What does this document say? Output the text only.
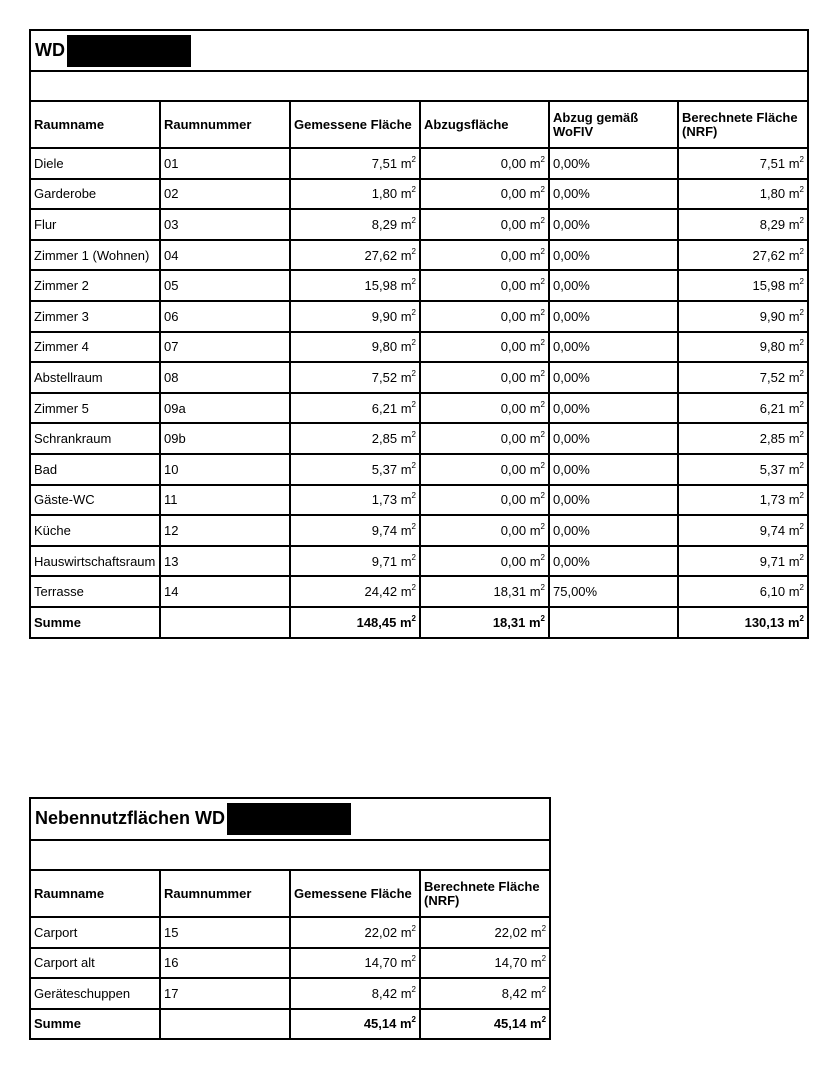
WD					

Raumname	Raumnummer	Gemessene Fläche	Abzugsfläche	Abzug gemäß WoFIV	Berechnete Fläche (NRF)
Diele	01	7,51 $m^2$	0,00 $m^2$	0,00%	7,51 $m^2$
Garderobe	02	1,80 $m^2$	0,00 $m^2$	0,00%	1,80 $m^2$
Flur	03	8,29 $m^2$	0,00 $m^2$	0,00%	8,29 $m^2$
Zimmer 1 (Wohnen)	04	27,62 $m^2$	0,00 $m^2$	0,00%	27,62 $m^2$
Zimmer 2	05	15,98 $m^2$	0,00 $m^2$	0,00%	15,98 $m^2$
Zimmer 3	06	9,90 $m^2$	0,00 $m^2$	0,00%	9,90 $m^2$
Zimmer 4	07	9,80 $m^2$	0,00 $m^2$	0,00%	9,80 $m^2$
Abstellraum	08	7,52 $m^2$	0,00 $m^2$	0,00%	7,52 $m^2$
Zimmer 5	09a	6,21 $m^2$	0,00 $m^2$	0,00%	6,21 $m^2$
Schrankraum	09b	2,85 $m^2$	0,00 $m^2$	0,00%	2,85 $m^2$
Bad	10	5,37 $m^2$	0,00 $m^2$	0,00%	5,37 $m^2$
Gäste-WC	11	1,73 $m^2$	0,00 $m^2$	0,00%	1,73 $m^2$
Küche	12	9,74 $m^2$	0,00 $m^2$	0,00%	9,74 $m^2$
Hauswirtschaftsraum	13	9,71 $m^2$	0,00 $m^2$	0,00%	9,71 $m^2$
Terrasse	14	24,42 $m^2$	18,31 $m^2$	75,00%	6,10 $m^2$
Summe		148,45 $m^2$	18,31 $m^2$		130,13 $m^2$
Nebennutzflächen WD			

Raumname	Raumnummer	Gemessene Fläche	Berechnete Fläche (NRF)
Carport	15	22,02 $m^2$	22,02 $m^2$
Carport alt	16	14,70 $m^2$	14,70 $m^2$
Geräteschuppen	17	8,42 $m^2$	8,42 $m^2$
Summe		45,14 $m^2$	45,14 $m^2$
